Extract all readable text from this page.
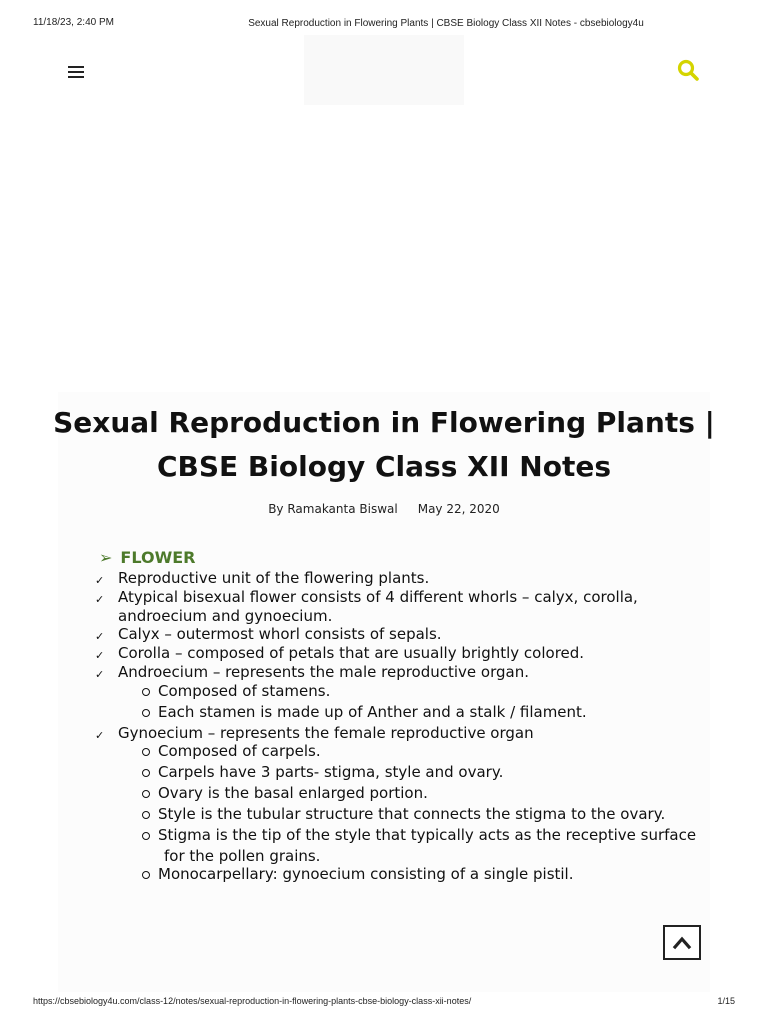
11/18/23, 2:40 PM	Sexual Reproduction in Flowering Plants | CBSE Biology Class XII Notes - cbsebiology4u
Sexual Reproduction in Flowering Plants |
CBSE Biology Class XII Notes
By Ramakanta Biswal May 22, 2020
➢ FLOWER
✓ Reproductive unit of the flowering plants.
✓ Atypical bisexual flower consists of 4 different whorls – calyx, corolla,
androecium and gynoecium.
✓ Calyx – outermost whorl consists of sepals.
✓ Corolla – composed of petals that are usually brightly colored.
✓ Androecium – represents the male reproductive organ.
Composed of stamens.
Each stamen is made up of Anther and a stalk / filament.
✓ Gynoecium – represents the female reproductive organ
Composed of carpels.
Carpels have 3 parts- stigma, style and ovary.
Ovary is the basal enlarged portion.
Style is the tubular structure that connects the stigma to the ovary.
Stigma is the tip of the style that typically acts as the receptive surface
for the pollen grains.
Monocarpellary: gynoecium consisting of a single pistil.
https://cbsebiology4u.com/class-12/notes/sexual-reproduction-in-flowering-plants-cbse-biology-class-xii-notes/	1/15
